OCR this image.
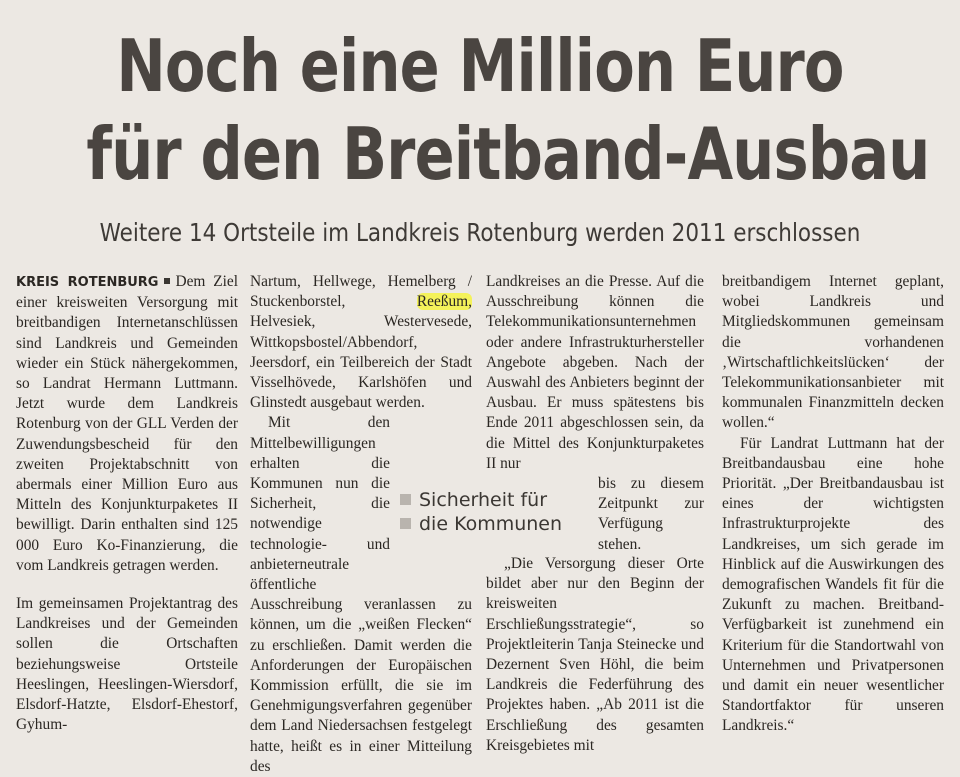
Noch eine Million Euro
für den Breitband-Ausbau
Weitere 14 Ortsteile im Landkreis Rotenburg werden 2011 erschlossen

KREIS ROTENBURG Dem Ziel einer kreisweiten Versorgung mit breitbandigen Internetanschlüssen sind Landkreis und Gemeinden wieder ein Stück nähergekommen, so Landrat Hermann Luttmann. Jetzt wurde dem Landkreis Rotenburg von der GLL Verden der Zuwendungsbescheid für den zweiten Projektabschnitt von abermals einer Million Euro aus Mitteln des Konjunkturpaketes II bewilligt. Darin enthalten sind 125 000 Euro Ko-Finanzierung, die vom Landkreis getragen werden.

Im gemeinsamen Projektantrag des Landkreises und der Gemeinden sollen die Ortschaften beziehungsweise Ortsteile Heeslingen, Heeslingen-Wiersdorf, Elsdorf-Hatzte, Elsdorf-Ehestorf, Gyhum-

Nartum, Hellwege, Hemelberg / Stuckenborstel,	Reeßum, Helvesiek, Westervesede, Wittkopsbostel/Abbendorf, Jeersdorf, ein Teilbereich der Stadt Visselhövede, Karlshöfen und Glinstedt ausgebaut werden.

Mit den Mittelbewilligungen erhalten die Kommunen nun die Sicherheit, die notwendige technologie- und anbieterneutrale öffentliche

Ausschreibung veranlassen zu können, um die „weißen Flecken“ zu erschließen. Damit werden die Anforderungen der Europäischen Kommission erfüllt, die sie im Genehmigungsverfahren gegenüber dem Land Niedersachsen festgelegt hatte, heißt es in einer Mitteilung des

Sicherheit für
die Kommunen

Landkreises an die Presse. Auf die Ausschreibung können die Telekommunikationsunternehmen oder andere Infrastrukturhersteller Angebote abgeben. Nach der Auswahl des Anbieters beginnt der Ausbau. Er muss spätestens bis Ende 2011 abgeschlossen sein, da die Mittel des Konjunkturpaketes II nur

„Die Versorgung dieser Orte bildet aber nur den Beginn der kreisweiten Erschließungsstrategie“, so Projektleiterin Tanja Steinecke und Dezernent Sven Höhl, die beim Landkreis die Federführung des Projektes haben. „Ab 2011 ist die Erschließung des gesamten Kreisgebietes mit

bis zu diesem Zeitpunkt zur Verfügung stehen.

breitbandigem Internet geplant, wobei Landkreis und Mitgliedskommunen gemeinsam die vorhandenen ‚Wirtschaftlichkeitslücken‘ der Telekommunikationsanbieter mit kommunalen Finanzmitteln decken wollen.“

Für Landrat Luttmann hat der Breitbandausbau eine hohe Priorität. „Der Breitbandausbau ist eines der wichtigsten Infrastrukturprojekte des Landkreises, um sich gerade im Hinblick auf die Auswirkungen des demografischen Wandels fit für die Zukunft zu machen. Breitband-Verfügbarkeit ist zunehmend ein Kriterium für die Standortwahl von Unternehmen und Privatpersonen und damit ein neuer wesentlicher Standortfaktor für unseren Landkreis.“
